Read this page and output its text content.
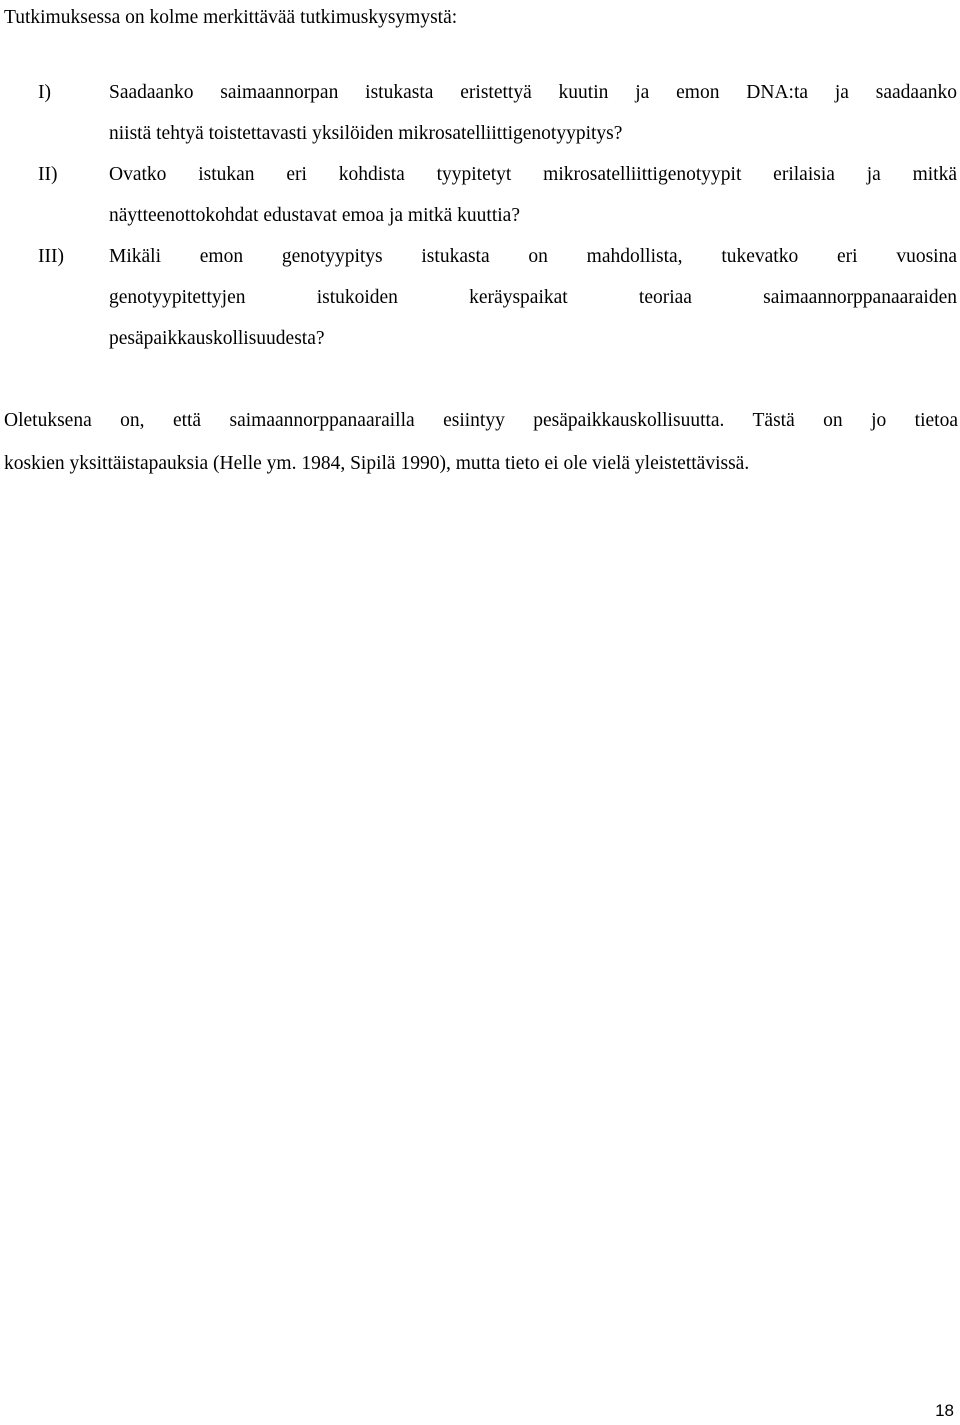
Tutkimuksessa on kolme merkittävää tutkimuskysymystä:

I)	Saadaanko saimaannorpan istukasta eristettyä kuutin ja emon DNA:ta ja saadaanko
niistä tehtyä toistettavasti yksilöiden mikrosatelliittigenotyypitys?
II)	Ovatko istukan eri kohdista tyypitetyt mikrosatelliittigenotyypit erilaisia ja mitkä
näytteenottokohdat edustavat emoa ja mitkä kuuttia?
III) Mikäli emon genotyypitys istukasta on mahdollista, tukevatko eri vuosina
genotyypitettyjen istukoiden keräyspaikat teoriaa saimaannorppanaaraiden
pesäpaikkauskollisuudesta?
Oletuksena on, että saimaannorppanaarailla esiintyy pesäpaikkauskollisuutta. Tästä on jo tietoa
koskien yksittäistapauksia (Helle ym. 1984, Sipilä 1990), mutta tieto ei ole vielä yleistettävissä.
18
